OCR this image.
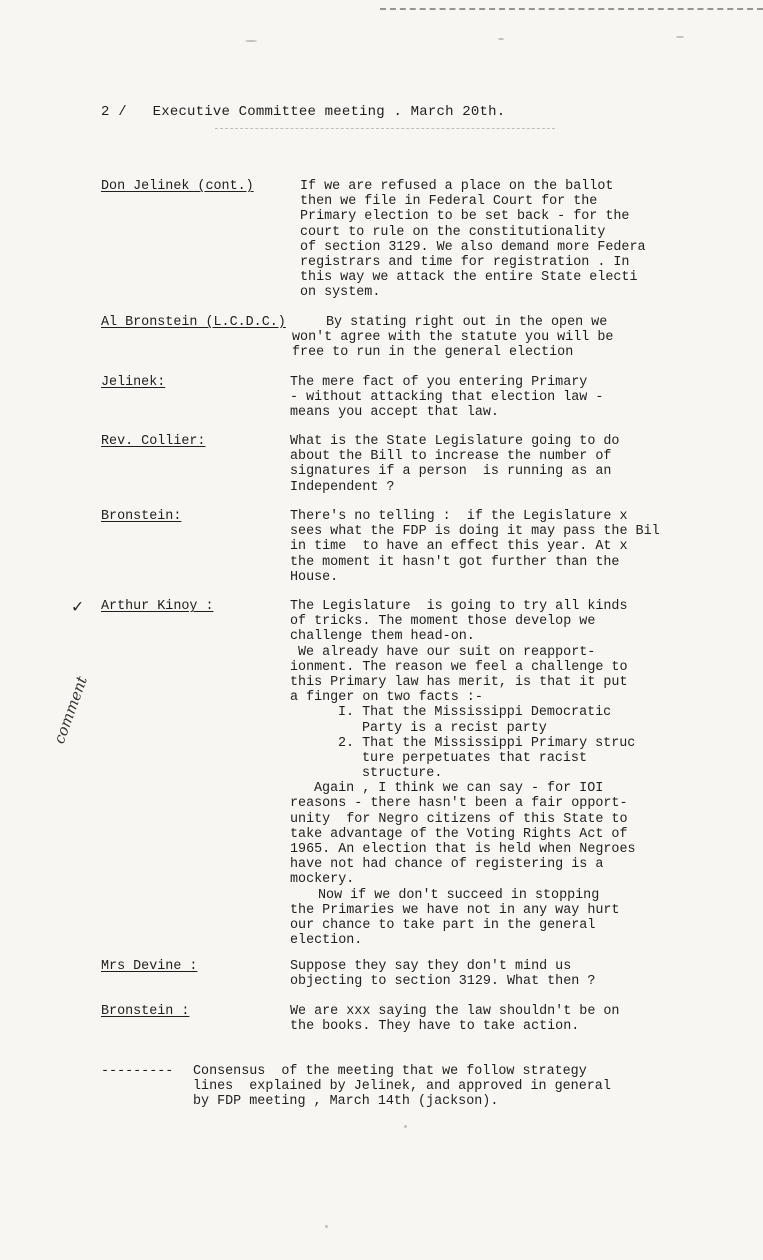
2 / Executive Committee meeting . March 20th.
Don Jelinek (cont.)	If we are refused a place on the ballot
then we file in Federal Court for the
Primary election to be set back - for the
court to rule on the constitutionality
of section 3129. We also demand more Federa
registrars and time for registration . In
this way we attack the entire State electi
on system.
Al Bronstein (L.C.D.C.)	By stating right out in the open we
won't agree with the statute you will be
free to run in the general election
Jelinek:	The mere fact of you entering Primary
- without attacking that election law -
means you accept that law.
Rev. Collier:	What is the State Legislature going to do
about the Bill to increase the number of
signatures if a person  is running as an
Independent ?
Bronstein:	There's no telling :  if the Legislature x
sees what the FDP is doing it may pass the Bil
in time  to have an effect this year. At x
the moment it hasn't got further than the
House.
Arthur Kinoy :	The Legislature  is going to try all kinds
of tricks. The moment those develop we
challenge them head-on.
We already have our suit on reapport-
ionment. The reason we feel a challenge to
this Primary law has merit, is that it put
a finger on two facts :-
I. That the Mississippi Democratic
Party is a recist party
2. That the Mississippi Primary struc
ture perpetuates that racist
structure.
Again , I think we can say - for IOI
reasons - there hasn't been a fair opport-
unity  for Negro citizens of this State to
take advantage of the Voting Rights Act of
1965. An election that is held when Negroes
have not had chance of registering is a
mockery.
Now if we don't succeed in stopping
the Primaries we have not in any way hurt
our chance to take part in the general
election.
Mrs Devine :	Suppose they say they don't mind us
objecting to section 3129. What then ?
Bronstein :	We are xxx saying the law shouldn't be on
the books. They have to take action.
--------- Consensus  of the meeting that we follow strategy
lines  explained by Jelinek, and approved in general
by FDP meeting , March 14th (jackson).
✓
comment
